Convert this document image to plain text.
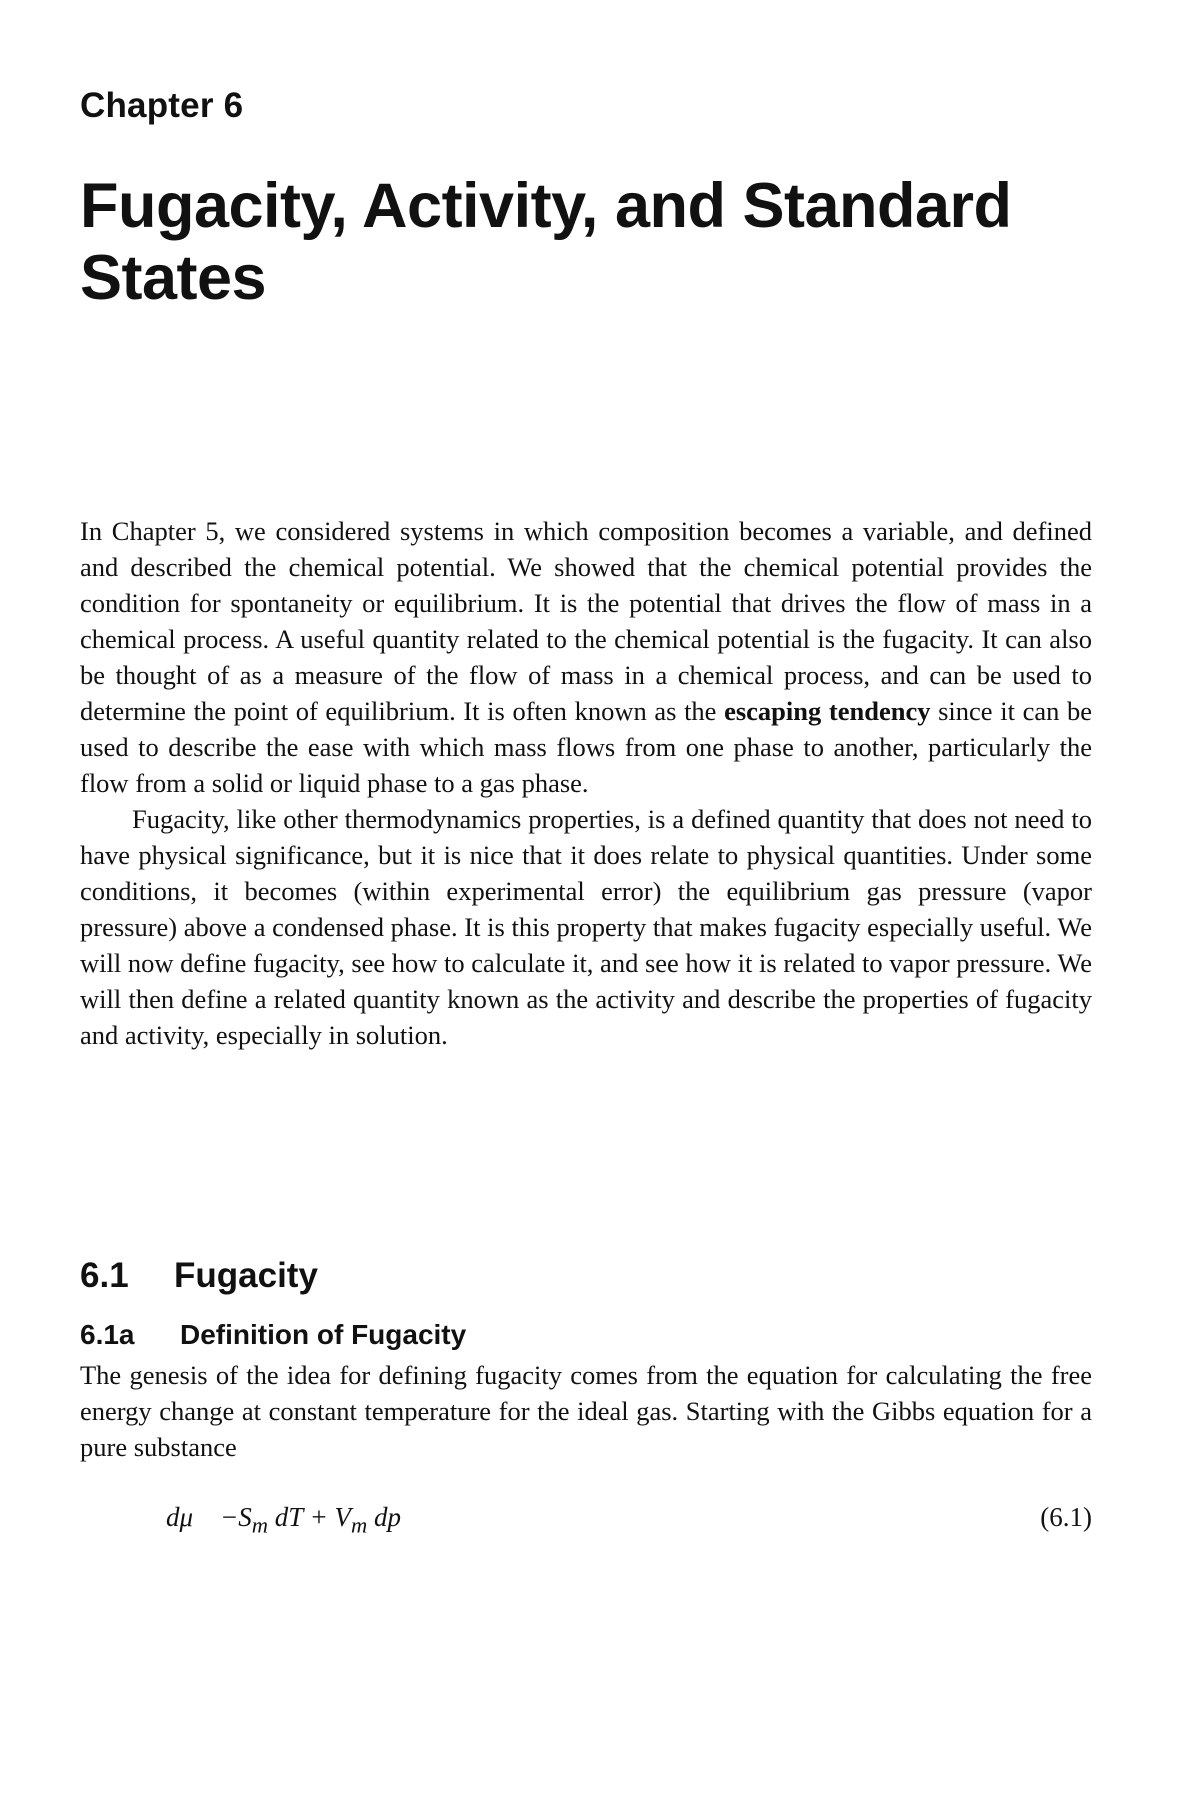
Chapter 6
Fugacity, Activity, and Standard States

In Chapter 5, we considered systems in which composition becomes a variable, and defined and described the chemical potential. We showed that the chemical potential provides the condition for spontaneity or equilibrium. It is the potential that drives the flow of mass in a chemical process. A useful quantity related to the chemical potential is the fugacity. It can also be thought of as a measure of the flow of mass in a chemical process, and can be used to determine the point of equilibrium. It is often known as the escaping tendency since it can be used to describe the ease with which mass flows from one phase to another, particularly the flow from a solid or liquid phase to a gas phase.

Fugacity, like other thermodynamics properties, is a defined quantity that does not need to have physical significance, but it is nice that it does relate to physical quantities. Under some conditions, it becomes (within experimental error) the equilibrium gas pressure (vapor pressure) above a condensed phase. It is this property that makes fugacity especially useful. We will now define fugacity, see how to calculate it, and see how it is related to vapor pressure. We will then define a related quantity known as the activity and describe the properties of fugacity and activity, especially in solution.

6.1 Fugacity
6.1a Definition of Fugacity

The genesis of the idea for defining fugacity comes from the equation for calculating the free energy change at constant temperature for the ideal gas. Starting with the Gibbs equation for a pure substance

$d\mu -S_m$ dT + $V_m$ dp	(6.1)
